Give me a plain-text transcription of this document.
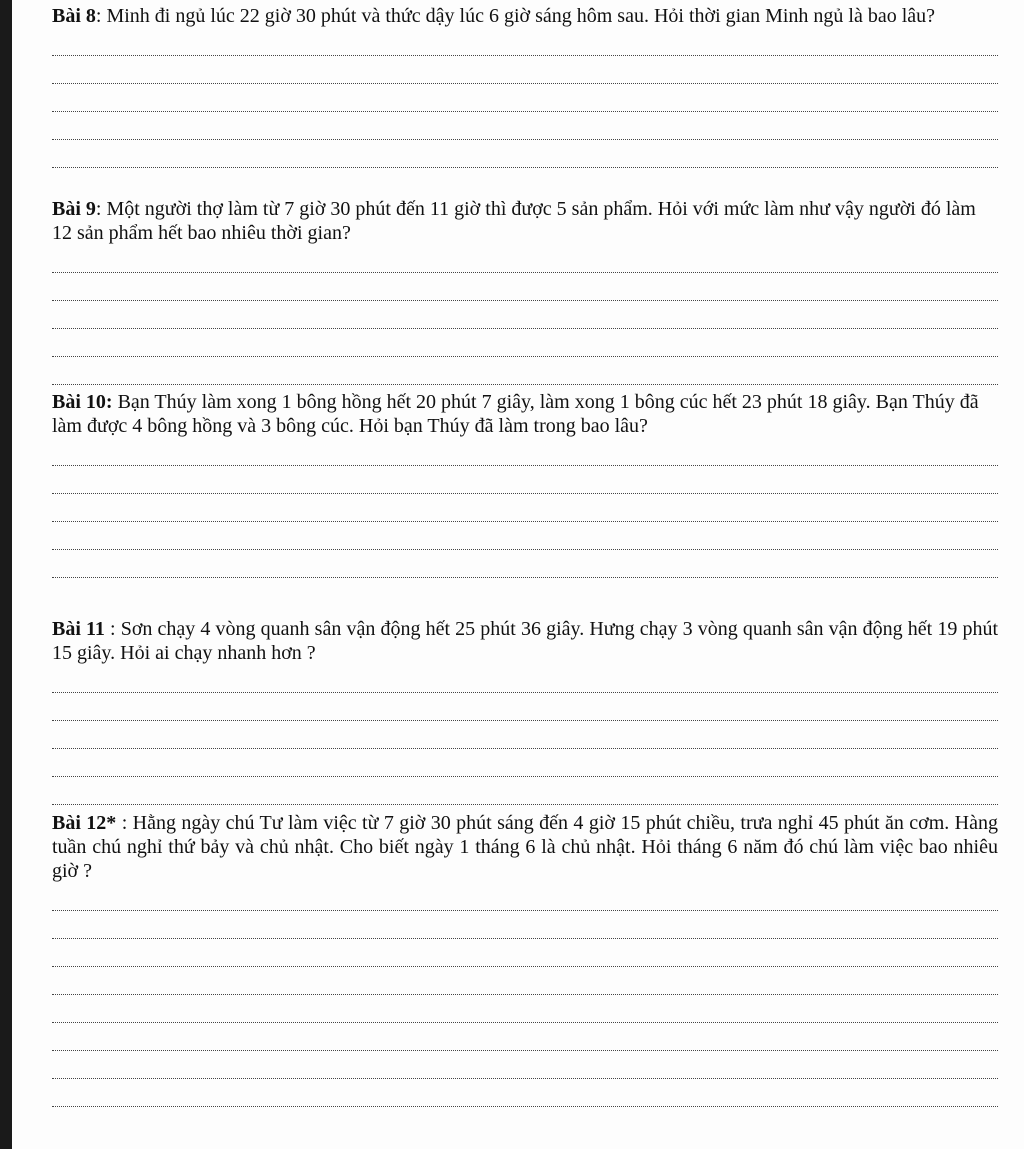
Bài 8: Minh đi ngủ lúc 22 giờ 30 phút và thức dậy lúc 6 giờ sáng hôm sau. Hỏi thời gian Minh ngủ là bao lâu?

Bài 9: Một người thợ làm từ 7 giờ 30 phút đến 11 giờ thì được 5 sản phẩm. Hỏi với mức làm như vậy người đó làm 12 sản phẩm hết bao nhiêu thời gian?

Bài 10: Bạn Thúy làm xong 1 bông hồng hết 20 phút 7 giây, làm xong 1 bông cúc hết 23 phút 18 giây. Bạn Thúy đã làm được 4 bông hồng và 3 bông cúc. Hỏi bạn Thúy đã làm trong bao lâu?

Bài 11 : Sơn chạy 4 vòng quanh sân vận động hết 25 phút 36 giây. Hưng chạy 3 vòng quanh sân vận động hết 19 phút 15 giây. Hỏi ai chạy nhanh hơn ?

Bài 12* : Hằng ngày chú Tư làm việc từ 7 giờ 30 phút sáng đến 4 giờ 15 phút chiều, trưa nghỉ 45 phút ăn cơm. Hàng tuần chú nghỉ thứ bảy và chủ nhật. Cho biết ngày 1 tháng 6 là chủ nhật. Hỏi tháng 6 năm đó chú làm việc bao nhiêu giờ ?
